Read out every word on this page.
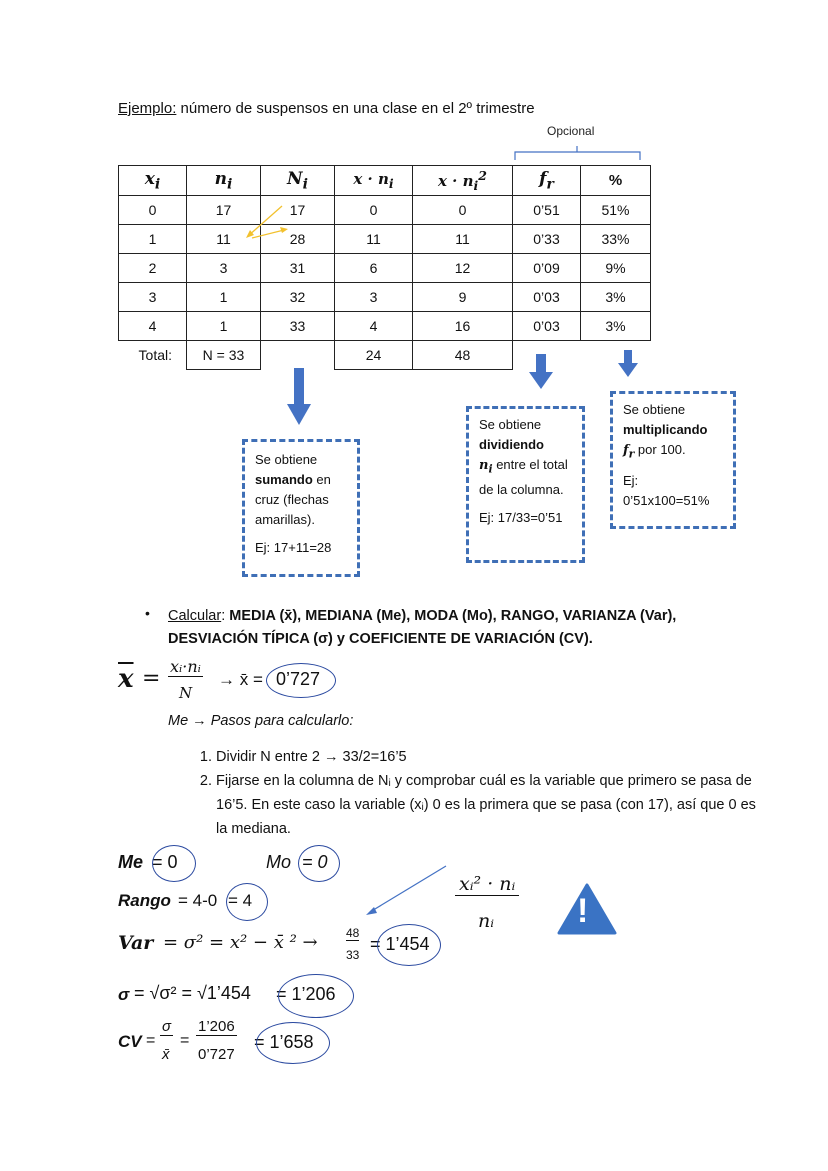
Ejemplo: número de suspensos en una clase en el 2º trimestre
Opcional
$x_i$	$n_i$	$N_i$	$x \cdot n_i$	$x \cdot n_i^2$	$f_r$	%
0	17	17	0	0	0’51	51%
1	11	28	11	11	0’33	33%
2	3	31	6	12	0’09	9%
3	1	32	3	9	0’03	3%
4	1	33	4	16	0’03	3%
Total:	N = 33		24	48		
Se obtiene
sumando en cruz (flechas amarillas).
Ej: 17+11=28
Se obtiene
dividiendo
$n_i$ entre el total de la columna.
Ej: 17/33=0’51
Se obtiene
multiplicando
$f_r$ por 100.
Ej:
0’51x100=51%
• Calcular: MEDIA (x̄), MEDIANA (Me), MODA (Mo), RANGO, VARIANZA (Var), DESVIACIÓN TÍPICA (σ) y COEFICIENTE DE VARIACIÓN (CV).
$\overline{x}$ = xᵢ·nᵢ
N
→ x̄ = 0’727
Me → Pasos para calcularlo:
1. Dividir N entre 2 → 33/2=16’5
2. Fijarse en la columna de Nᵢ y comprobar cuál es la variable que primero se pasa de 16’5. En este caso la variable (xᵢ) 0 es la primera que se pasa (con 17), así que 0 es la mediana.
Me = 0	Mo = 0
Rango = 4-0 = 4
xᵢ² · nᵢ
nᵢ !
Var = σ² = x² − x̄ ² → 48
33
= 1’454
σ = √σ² = √1’454 = 1’206
CV =
σ
x̄
=
1’206
0’727
= 1’658
